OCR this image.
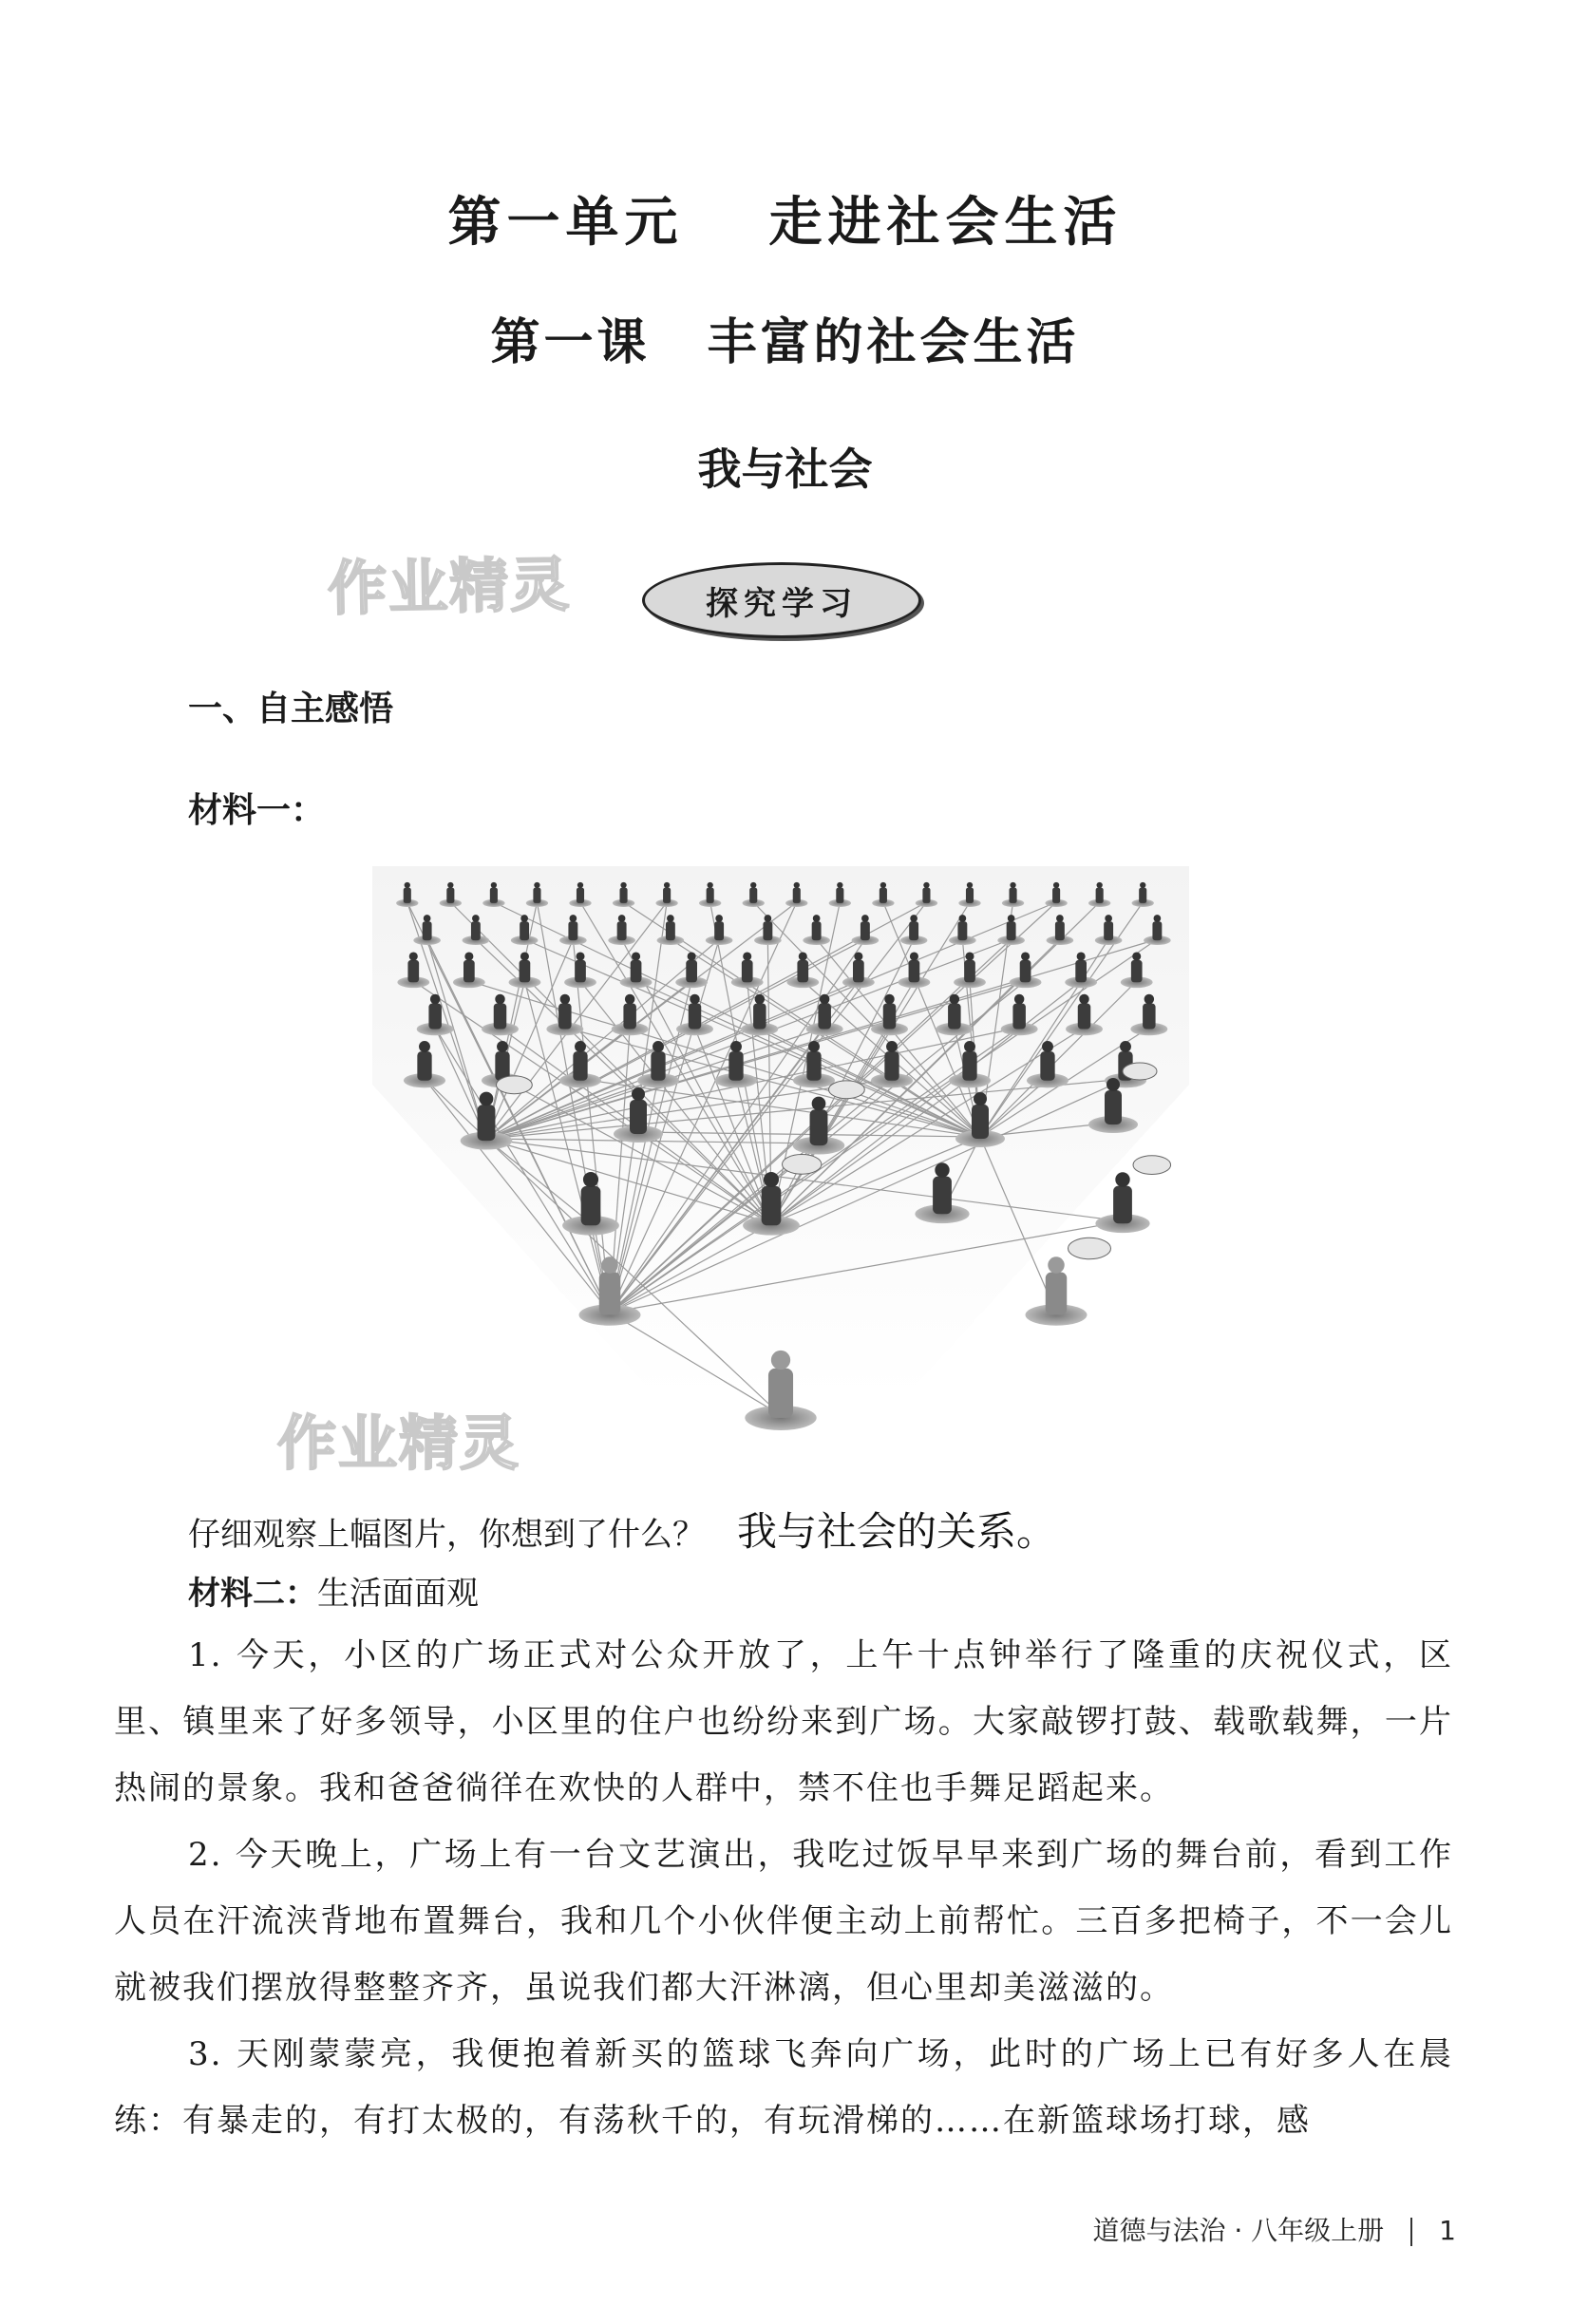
第一单元 走进社会生活
第一课 丰富的社会生活
我与社会
作业精灵	探究学习
一、自主感悟
材料一：
作业精灵
仔细观察上幅图片，你想到了什么？ 我与社会的关系。
材料二：生活面面观
1. 今天，小区的广场正式对公众开放了，上午十点钟举行了隆重的庆祝仪式，区里、镇里来了好多领导，小区里的住户也纷纷来到广场。大家敲锣打鼓、载歌载舞，一片热闹的景象。我和爸爸徜徉在欢快的人群中，禁不住也手舞足蹈起来。
2. 今天晚上，广场上有一台文艺演出，我吃过饭早早来到广场的舞台前，看到工作人员在汗流浃背地布置舞台，我和几个小伙伴便主动上前帮忙。三百多把椅子，不一会儿就被我们摆放得整整齐齐，虽说我们都大汗淋漓，但心里却美滋滋的。
3. 天刚蒙蒙亮，我便抱着新买的篮球飞奔向广场，此时的广场上已有好多人在晨练：有暴走的，有打太极的，有荡秋千的，有玩滑梯的……在新篮球场打球，感
道德与法治 · 八年级上册 1
